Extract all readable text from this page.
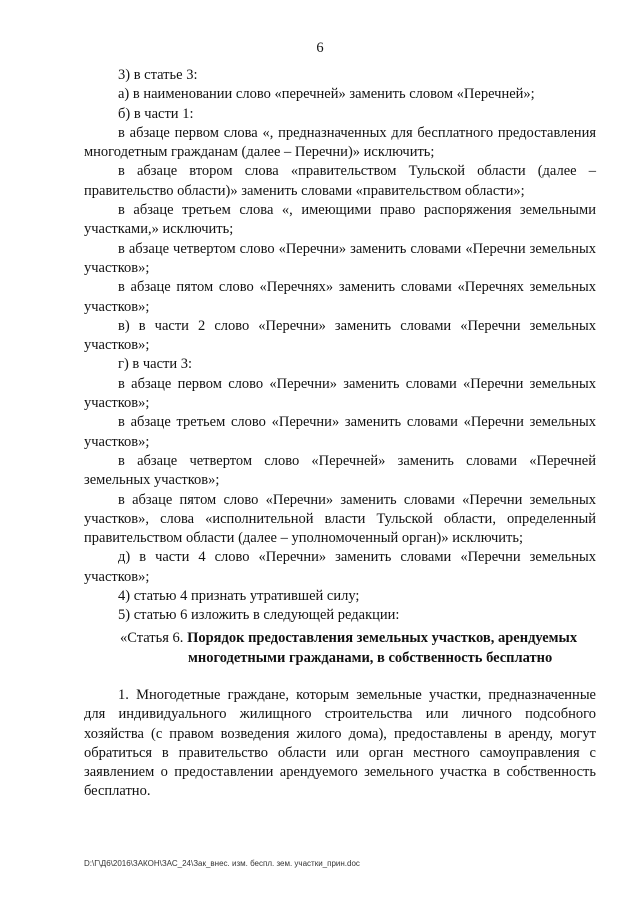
6

3) в статье 3:

а) в наименовании слово «перечней» заменить словом «Перечней»;

б) в части 1:

в абзаце первом слова «, предназначенных для бесплатного предоставления многодетным гражданам (далее – Перечни)» исключить;

в абзаце втором слова «правительством Тульской области (далее – правительство области)» заменить словами «правительством области»;

в абзаце третьем слова «, имеющими право распоряжения земельными участками,» исключить;

в абзаце четвертом слово «Перечни» заменить словами «Перечни земельных участков»;

в абзаце пятом слово «Перечнях» заменить словами «Перечнях земельных участков»;

в) в части 2 слово «Перечни» заменить словами «Перечни земельных участков»;

г) в части 3:

в абзаце первом слово «Перечни» заменить словами «Перечни земельных участков»;

в абзаце третьем слово «Перечни» заменить словами «Перечни земельных участков»;

в абзаце четвертом слово «Перечней» заменить словами «Перечней земельных участков»;

в абзаце пятом слово «Перечни» заменить словами «Перечни земельных участков», слова «исполнительной власти Тульской области, определенный правительством области (далее – уполномоченный орган)» исключить;

д) в части 4 слово «Перечни» заменить словами «Перечни земельных участков»;

4) статью 4 признать утратившей силу;

5) статью 6 изложить в следующей редакции:

«Статья 6. Порядок предоставления земельных участков, арендуемых
многодетными гражданами, в собственность бесплатно

1. Многодетные граждане, которым земельные участки, предназначенные для индивидуального жилищного строительства или личного подсобного хозяйства (с правом возведения жилого дома), предоставлены в аренду, могут обратиться в правительство области или орган местного самоуправления с заявлением о предоставлении арендуемого земельного участка в собственность бесплатно.

D:\Г\Д6\2016\ЗАКОН\ЗАС_24\Зак_внес. изм. беспл. зем. участки_прин.doc
